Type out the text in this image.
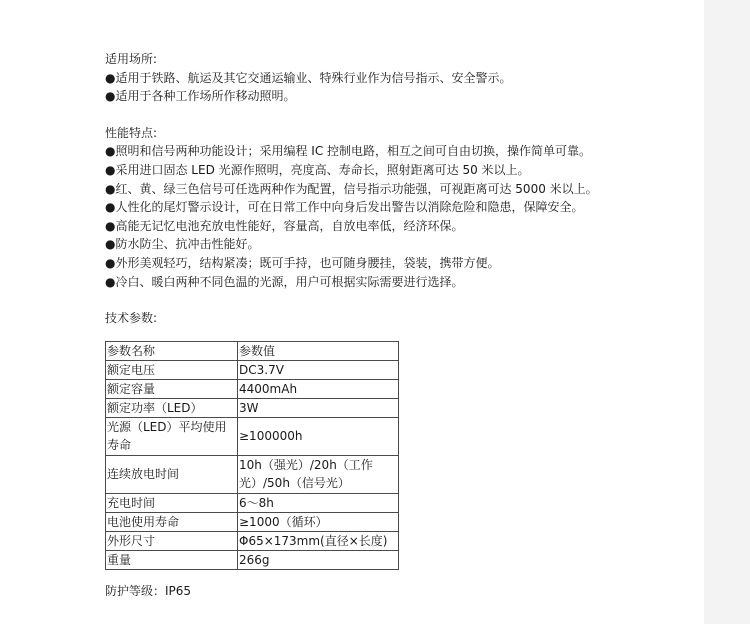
适用场所:
●适用于铁路、航运及其它交通运输业、特殊行业作为信号指示、安全警示。
●适用于各种工作场所作移动照明。
性能特点:
●照明和信号两种功能设计；采用编程 IC 控制电路，相互之间可自由切换，操作简单可靠。
●采用进口固态 LED 光源作照明，亮度高、寿命长，照射距离可达 50 米以上。
●红、黄、绿三色信号可任选两种作为配置，信号指示功能强，可视距离可达 5000 米以上。
●人性化的尾灯警示设计，可在日常工作中向身后发出警告以消除危险和隐患，保障安全。
●高能无记忆电池充放电性能好，容量高，自放电率低，经济环保。
●防水防尘、抗冲击性能好。
●外形美观轻巧，结构紧凑；既可手持，也可随身腰挂，袋装，携带方便。
●冷白、暖白两种不同色温的光源，用户可根据实际需要进行选择。
技术参数:
参数名称	参数值
额定电压	DC3.7V
额定容量	4400mAh
额定功率（LED）	3W
光源（LED）平均使用寿命	≥100000h
连续放电时间	10h（强光）/20h（工作光）/50h（信号光）
充电时间	6～8h
电池使用寿命	≥1000（循环）
外形尺寸	Φ65×173mm(直径×长度)
重量	266g
防护等级：IP65
